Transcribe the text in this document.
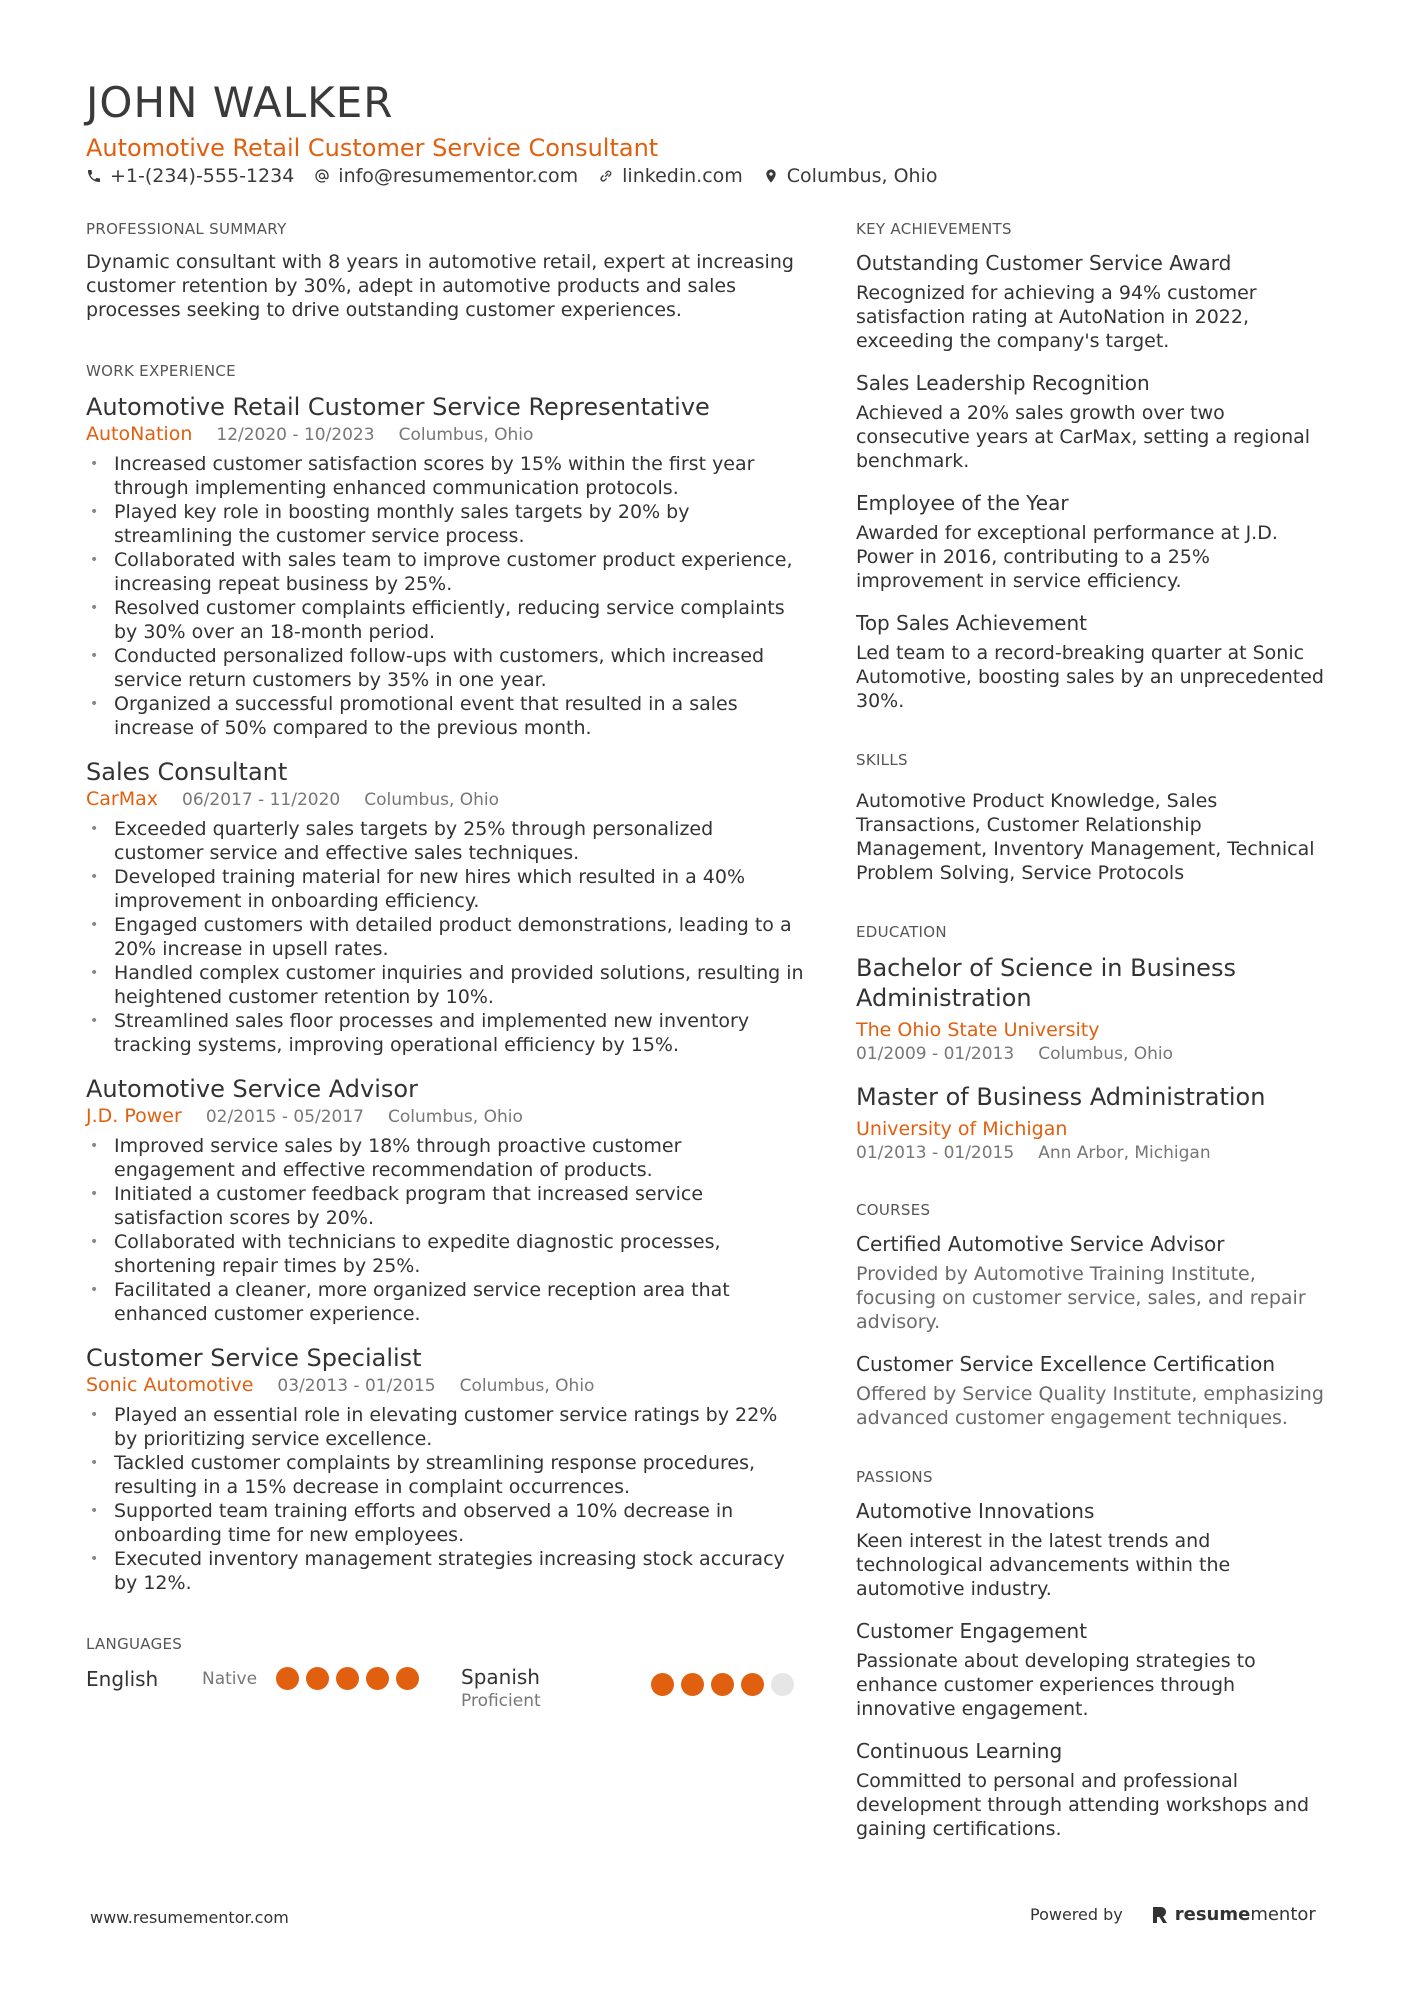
JOHN WALKER
Automotive Retail Customer Service Consultant
+1-(234)-555-1234 info@resumementor.com linkedin.com Columbus, Ohio
PROFESSIONAL SUMMARY

Dynamic consultant with 8 years in automotive retail, expert at increasing customer retention by 30%, adept in automotive products and sales processes seeking to drive outstanding customer experiences.

WORK EXPERIENCE
Automotive Retail Customer Service Representative
AutoNation 12/2020 - 10/2023 Columbus, Ohio
• Increased customer satisfaction scores by 15% within the first year through implementing enhanced communication protocols.
• Played key role in boosting monthly sales targets by 20% by streamlining the customer service process.
• Collaborated with sales team to improve customer product experience, increasing repeat business by 25%.
• Resolved customer complaints efficiently, reducing service complaints by 30% over an 18-month period.
• Conducted personalized follow-ups with customers, which increased service return customers by 35% in one year.
• Organized a successful promotional event that resulted in a sales increase of 50% compared to the previous month.
Sales Consultant
CarMax 06/2017 - 11/2020 Columbus, Ohio
• Exceeded quarterly sales targets by 25% through personalized customer service and effective sales techniques.
• Developed training material for new hires which resulted in a 40% improvement in onboarding efficiency.
• Engaged customers with detailed product demonstrations, leading to a 20% increase in upsell rates.
• Handled complex customer inquiries and provided solutions, resulting in heightened customer retention by 10%.
• Streamlined sales floor processes and implemented new inventory tracking systems, improving operational efficiency by 15%.
Automotive Service Advisor
J.D. Power 02/2015 - 05/2017 Columbus, Ohio
• Improved service sales by 18% through proactive customer engagement and effective recommendation of products.
• Initiated a customer feedback program that increased service satisfaction scores by 20%.
• Collaborated with technicians to expedite diagnostic processes, shortening repair times by 25%.
• Facilitated a cleaner, more organized service reception area that enhanced customer experience.
Customer Service Specialist
Sonic Automotive 03/2013 - 01/2015 Columbus, Ohio
• Played an essential role in elevating customer service ratings by 22% by prioritizing service excellence.
• Tackled customer complaints by streamlining response procedures, resulting in a 15% decrease in complaint occurrences.
• Supported team training efforts and observed a 10% decrease in onboarding time for new employees.
• Executed inventory management strategies increasing stock accuracy by 12%.
LANGUAGES
English	Native	Spanish
Proficient
KEY ACHIEVEMENTS
Outstanding Customer Service Award
Recognized for achieving a 94% customer satisfaction rating at AutoNation in 2022, exceeding the company's target.
Sales Leadership Recognition
Achieved a 20% sales growth over two consecutive years at CarMax, setting a regional benchmark.
Employee of the Year
Awarded for exceptional performance at J.D. Power in 2016, contributing to a 25% improvement in service efficiency.
Top Sales Achievement
Led team to a record-breaking quarter at Sonic Automotive, boosting sales by an unprecedented 30%.
SKILLS

Automotive Product Knowledge, Sales Transactions, Customer Relationship Management, Inventory Management, Technical Problem Solving, Service Protocols

EDUCATION
Bachelor of Science in Business Administration
The Ohio State University
01/2009 - 01/2013 Columbus, Ohio
Master of Business Administration
University of Michigan
01/2013 - 01/2015 Ann Arbor, Michigan
COURSES
Certified Automotive Service Advisor
Provided by Automotive Training Institute, focusing on customer service, sales, and repair advisory.
Customer Service Excellence Certification
Offered by Service Quality Institute, emphasizing advanced customer engagement techniques.
PASSIONS
Automotive Innovations
Keen interest in the latest trends and technological advancements within the automotive industry.
Customer Engagement
Passionate about developing strategies to enhance customer experiences through innovative engagement.
Continuous Learning
Committed to personal and professional development through attending workshops and gaining certifications.
www.resumementor.com	Powered by	resume mentor
